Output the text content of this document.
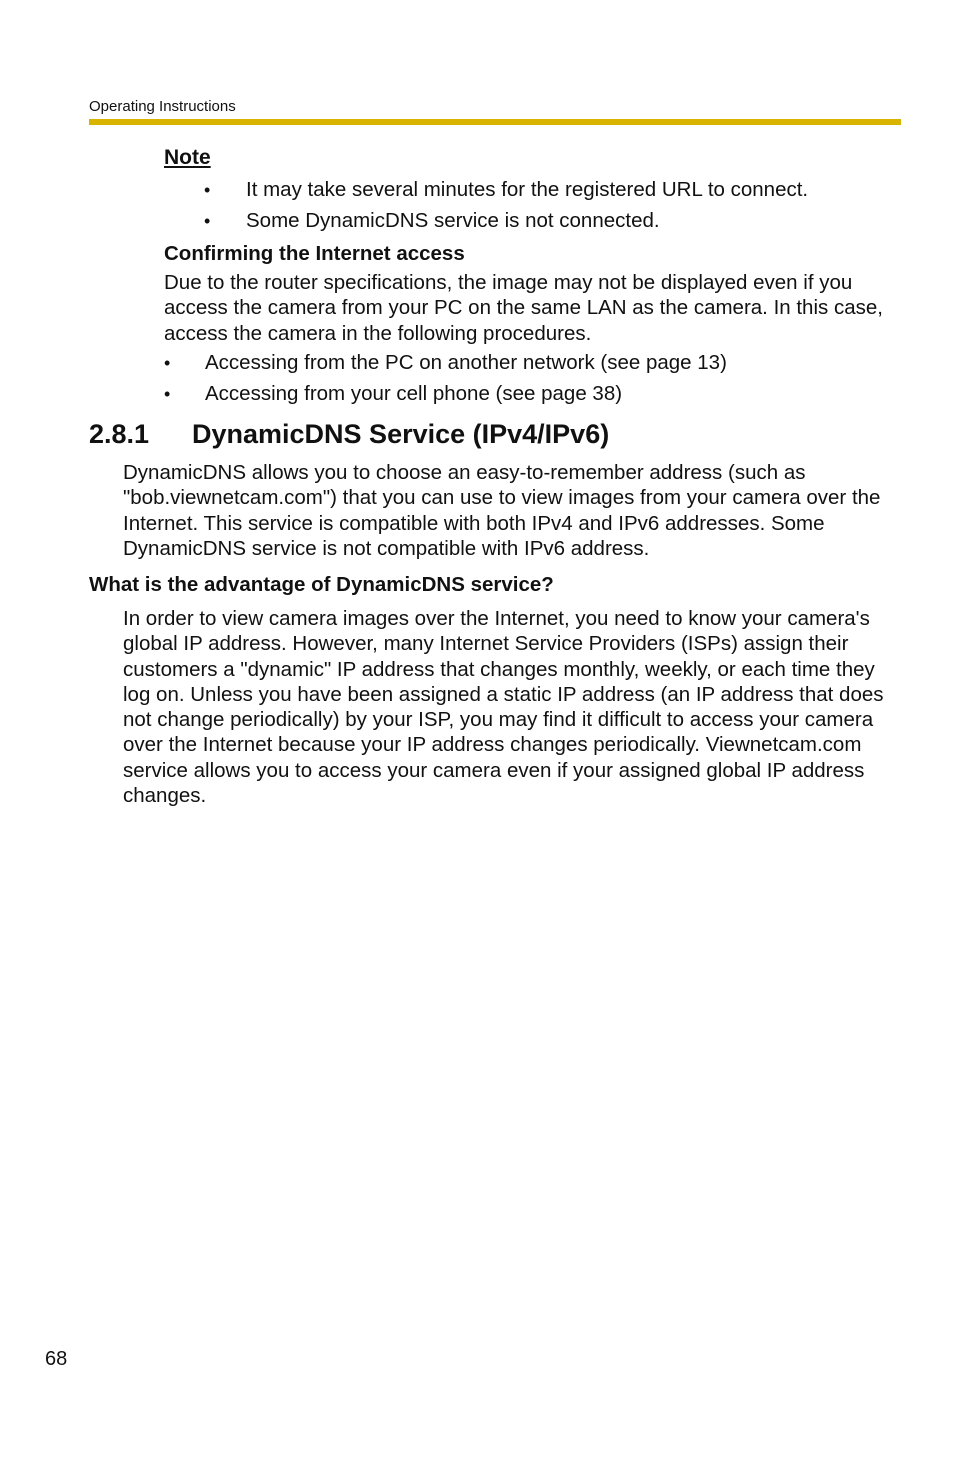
Operating Instructions
Note
• It may take several minutes for the registered URL to connect.
• Some DynamicDNS service is not connected.
Confirming the Internet access
Due to the router specifications, the image may not be displayed even if you access the camera from your PC on the same LAN as the camera. In this case, access the camera in the following procedures.
• Accessing from the PC on another network (see page 13)
• Accessing from your cell phone (see page 38)
2.8.1 DynamicDNS Service (IPv4/IPv6)
DynamicDNS allows you to choose an easy-to-remember address (such as "bob.viewnetcam.com") that you can use to view images from your camera over the Internet. This service is compatible with both IPv4 and IPv6 addresses. Some DynamicDNS service is not compatible with IPv6 address.
What is the advantage of DynamicDNS service?
In order to view camera images over the Internet, you need to know your camera's global IP address. However, many Internet Service Providers (ISPs) assign their customers a "dynamic" IP address that changes monthly, weekly, or each time they log on. Unless you have been assigned a static IP address (an IP address that does not change periodically) by your ISP, you may find it difficult to access your camera over the Internet because your IP address changes periodically. Viewnetcam.com service allows you to access your camera even if your assigned global IP address changes.
68
